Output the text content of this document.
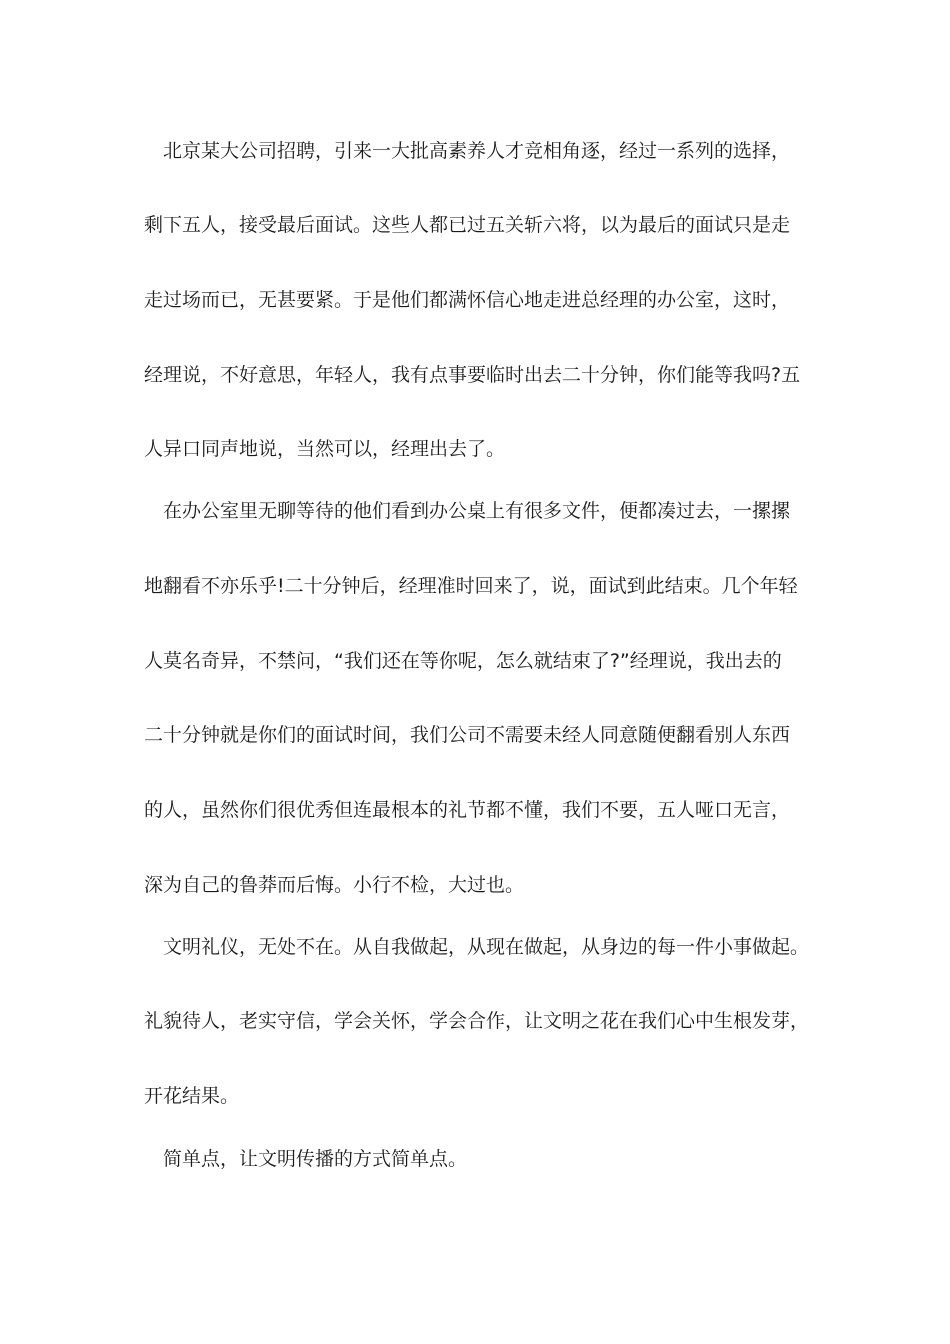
北京某大公司招聘，引来一大批高素养人才竞相角逐，经过一系列的选择，
剩下五人，接受最后面试。这些人都已过五关斩六将，以为最后的面试只是走
走过场而已，无甚要紧。于是他们都满怀信心地走进总经理的办公室，这时，
经理说，不好意思，年轻人，我有点事要临时出去二十分钟，你们能等我吗?五
人异口同声地说，当然可以，经理出去了。
在办公室里无聊等待的他们看到办公桌上有很多文件，便都凑过去，一摞摞
地翻看不亦乐乎!二十分钟后，经理准时回来了，说，面试到此结束。几个年轻
人莫名奇异，不禁问，“我们还在等你呢，怎么就结束了?”经理说，我出去的
二十分钟就是你们的面试时间，我们公司不需要未经人同意随便翻看别人东西
的人，虽然你们很优秀但连最根本的礼节都不懂，我们不要，五人哑口无言，
深为自己的鲁莽而后悔。小行不检，大过也。
文明礼仪，无处不在。从自我做起，从现在做起，从身边的每一件小事做起。
礼貌待人，老实守信，学会关怀，学会合作，让文明之花在我们心中生根发芽，
开花结果。
简单点，让文明传播的方式简单点。
